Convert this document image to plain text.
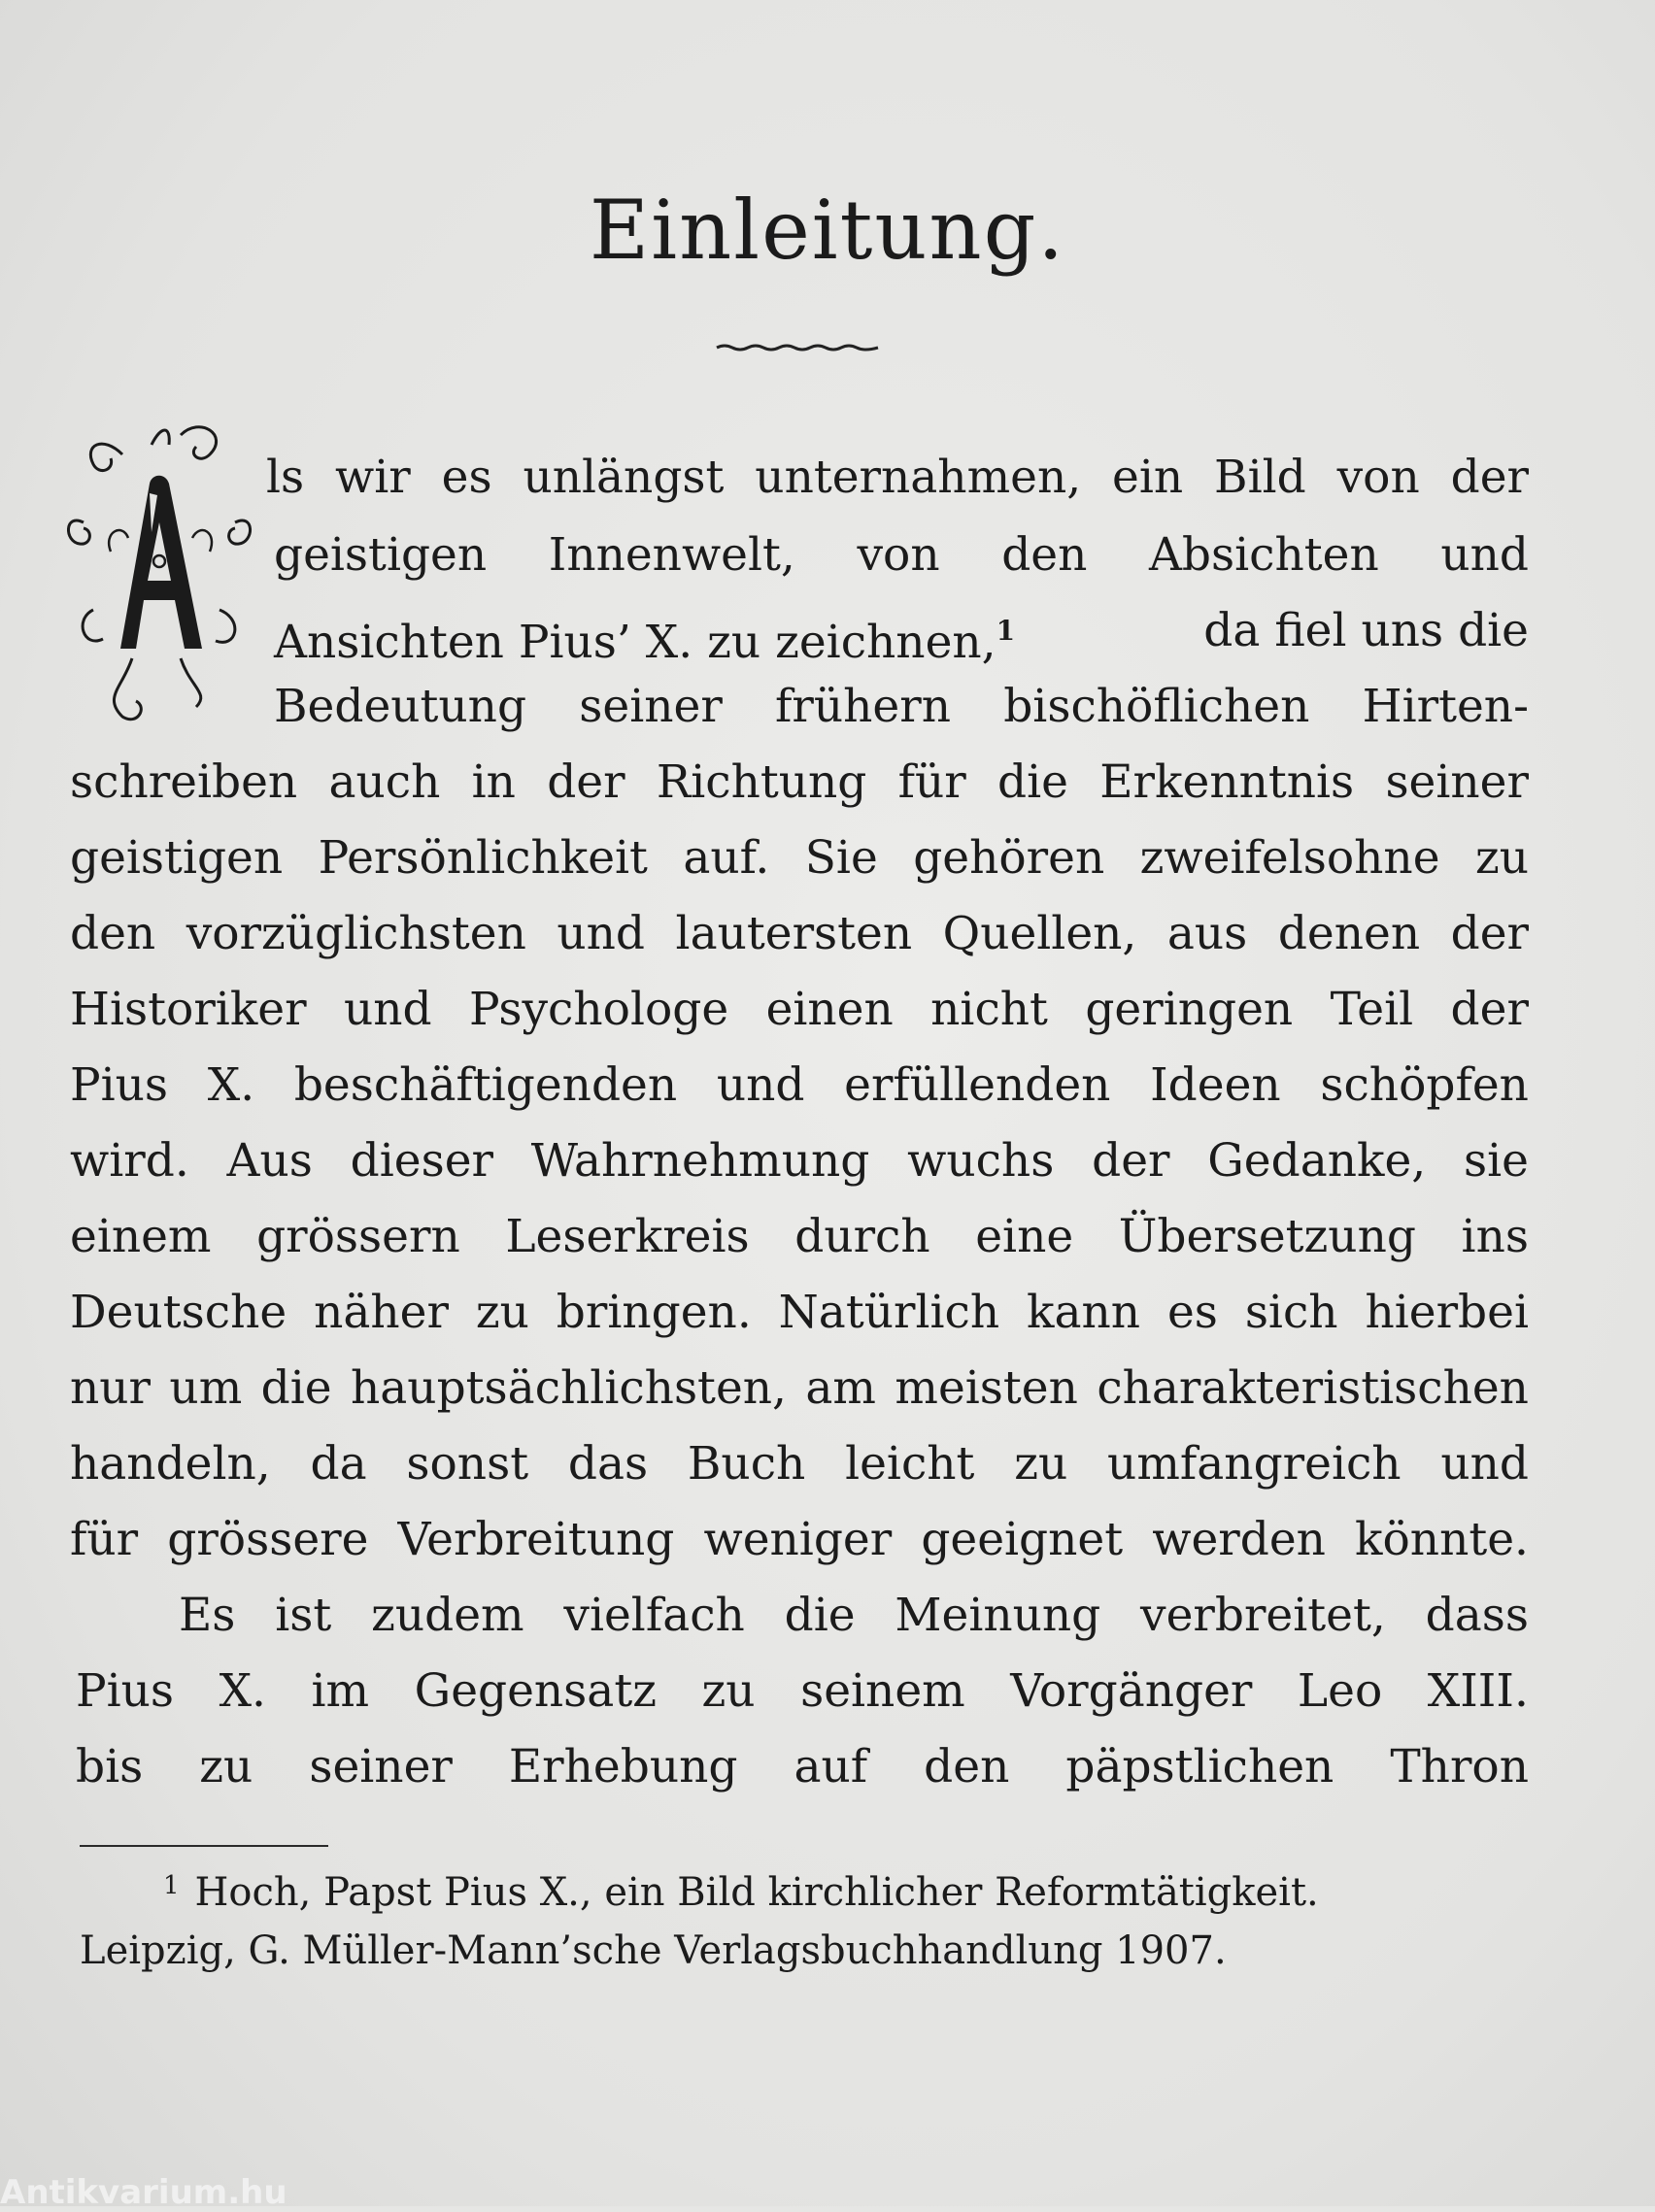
Einleitung.
ls wir es unlängst unternahmen, ein Bild von der
geistigen Innenwelt, von den Absichten und
Ansichten Pius’ X. zu zeichnen,$^1$	da fiel uns die
Bedeutung seiner frühern bischöflichen Hirten-
schreiben auch in der Richtung für die Erkenntnis seiner
geistigen Persönlichkeit auf. Sie gehören zweifelsohne zu
den vorzüglichsten und lautersten Quellen, aus denen der
Historiker und Psychologe einen nicht geringen Teil der
Pius X. beschäftigenden und erfüllenden Ideen schöpfen
wird. Aus dieser Wahrnehmung wuchs der Gedanke, sie
einem grössern Leserkreis durch eine Übersetzung ins
Deutsche näher zu bringen. Natürlich kann es sich hierbei
nur um die hauptsächlichsten, am meisten charakteristischen
handeln, da sonst das Buch leicht zu umfangreich und
für grössere Verbreitung weniger geeignet werden könnte.
Es ist zudem vielfach die Meinung verbreitet, dass
Pius X. im Gegensatz zu seinem Vorgänger Leo XIII.
bis zu seiner Erhebung auf den päpstlichen Thron
$^1$ Hoch, Papst Pius X., ein Bild kirchlicher Reformtätigkeit.
Leipzig, G. Müller-Mann’sche Verlagsbuchhandlung 1907.
Antikvarium.hu
